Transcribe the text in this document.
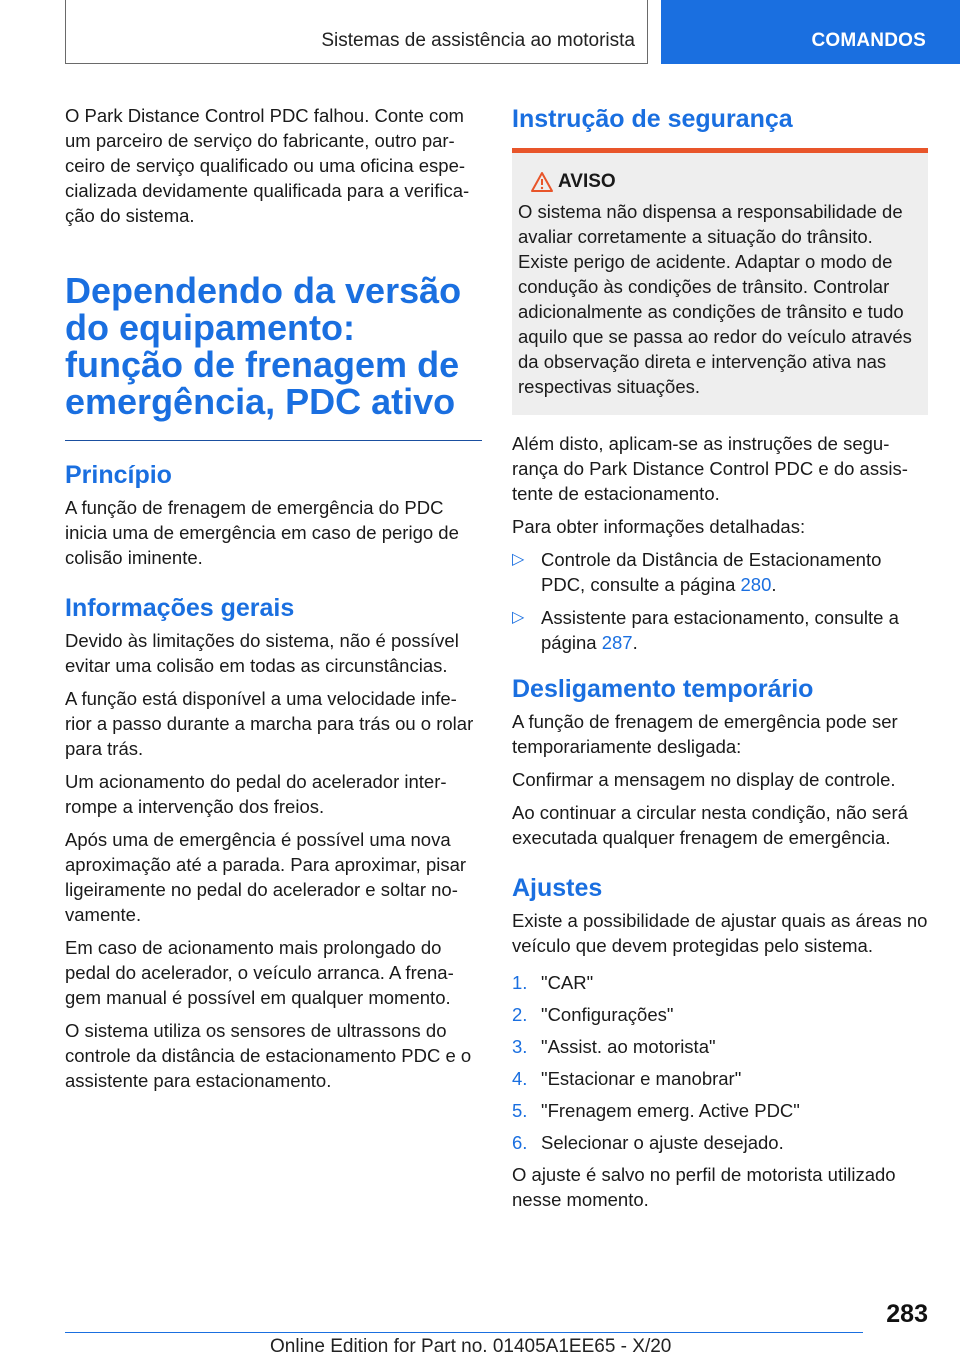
Sistemas de assistência ao motorista	COMANDOS

O Park Distance Control PDC falhou. Conte com um parceiro de serviço do fabricante, outro par-ceiro de serviço qualificado ou uma oficina espe-cializada devidamente qualificada para a verifica-ção do sistema.

Dependendo da versão do equipamento: função de frenagem de emergência, PDC ativo
Princípio

A função de frenagem de emergência do PDC inicia uma de emergência em caso de perigo de colisão iminente.

Informações gerais

Devido às limitações do sistema, não é possível evitar uma colisão em todas as circunstâncias.

A função está disponível a uma velocidade infe-rior a passo durante a marcha para trás ou o rolar para trás.

Um acionamento do pedal do acelerador inter-rompe a intervenção dos freios.

Após uma de emergência é possível uma nova aproximação até a parada. Para aproximar, pisar ligeiramente no pedal do acelerador e soltar no-vamente.

Em caso de acionamento mais prolongado do pedal do acelerador, o veículo arranca. A frena-gem manual é possível em qualquer momento.

O sistema utiliza os sensores de ultrassons do controle da distância de estacionamento PDC e o assistente para estacionamento.

Instrução de segurança
AVISO

O sistema não dispensa a responsabilidade de avaliar corretamente a situação do trânsito. Existe perigo de acidente. Adaptar o modo de condução às condições de trânsito. Controlar adicionalmente as condições de trânsito e tudo aquilo que se passa ao redor do veículo através da observação direta e intervenção ativa nas respectivas situações.

Além disto, aplicam-se as instruções de segu-rança do Park Distance Control PDC e do assis-tente de estacionamento.

Para obter informações detalhadas:

▷ Controle da Distância de Estacionamento PDC, consulte a página 280.
▷ Assistente para estacionamento, consulte a página 287.
Desligamento temporário

A função de frenagem de emergência pode ser temporariamente desligada:

Confirmar a mensagem no display de controle.

Ao continuar a circular nesta condição, não será executada qualquer frenagem de emergência.

Ajustes

Existe a possibilidade de ajustar quais as áreas no veículo que devem protegidas pelo sistema.

1. "CAR"
2. "Configurações"
3. "Assist. ao motorista"
4. "Estacionar e manobrar"
5. "Frenagem emerg. Active PDC"
6. Selecionar o ajuste desejado.

O ajuste é salvo no perfil de motorista utilizado nesse momento.

283
Online Edition for Part no. 01405A1EE65 - X/20
